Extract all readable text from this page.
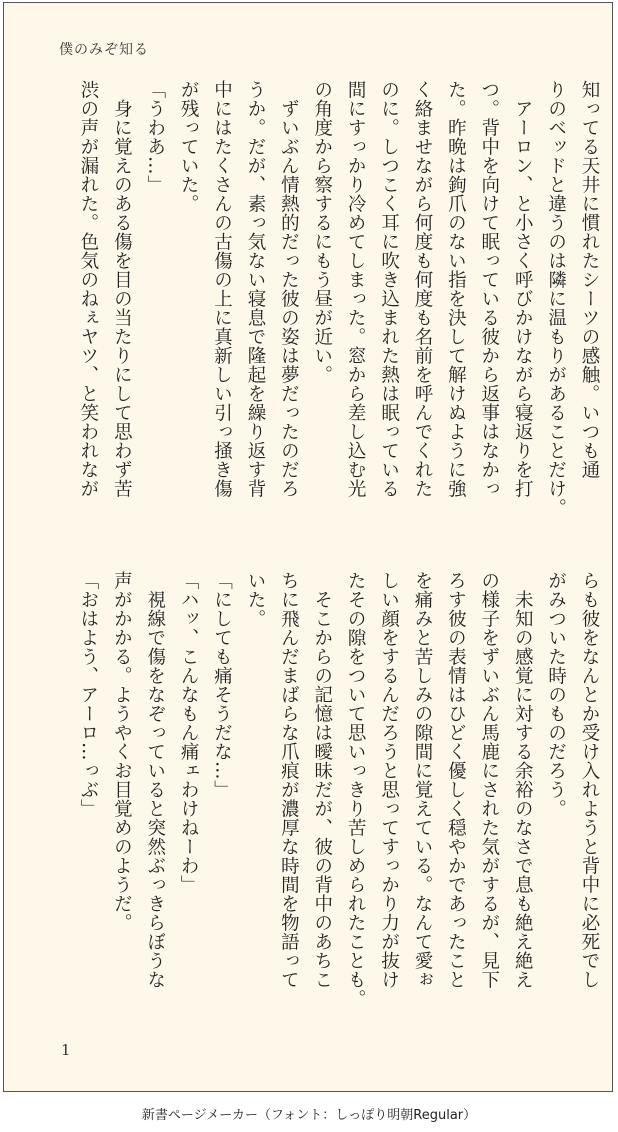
僕のみぞ知る

知ってる天井に慣れたシーツの感触。いつも通

りのベッドと違うのは隣に温もりがあることだけ。

　アーロン、と小さく呼びかけながら寝返りを打

つ。背中を向けて眠っている彼から返事はなかっ

た。昨晩は鉤爪のない指を決して解けぬように強

く絡ませながら何度も何度も名前を呼んでくれた

のに。しつこく耳に吹き込まれた熱は眠っている

間にすっかり冷めてしまった。窓から差し込む光

の角度から察するにもう昼が近い。

　ずいぶん情熱的だった彼の姿は夢だったのだろ

うか。だが、素っ気ない寝息で隆起を繰り返す背

中にはたくさんの古傷の上に真新しい引っ掻き傷

が残っていた。

「うわあ…」

　身に覚えのある傷を目の当たりにして思わず苦

渋の声が漏れた。色気のねぇヤツ、と笑われなが

らも彼をなんとか受け入れようと背中に必死でし

がみついた時のものだろう。

　未知の感覚に対する余裕のなさで息も絶え絶え

の様子をずいぶん馬鹿にされた気がするが、見下

ろす彼の表情はひどく優しく穏やかであったこと

を痛みと苦しみの隙間に覚えている。なんて愛ぉ

しい顔をするんだろうと思ってすっかり力が抜け

たその隙をついて思いっきり苦しめられたことも。

　そこからの記憶は曖昧だが、彼の背中のあちこ

ちに飛んだまばらな爪痕が濃厚な時間を物語って

いた。

「にしても痛そうだな…」

「ハッ、こんなもん痛ェわけねーわ」

　視線で傷をなぞっていると突然ぶっきらぼうな

声がかかる。ようやくお目覚めのようだ。

「おはよう、アーロ…っぶ」

1
新書ページメーカー（フォント：しっぽり明朝Regular）
